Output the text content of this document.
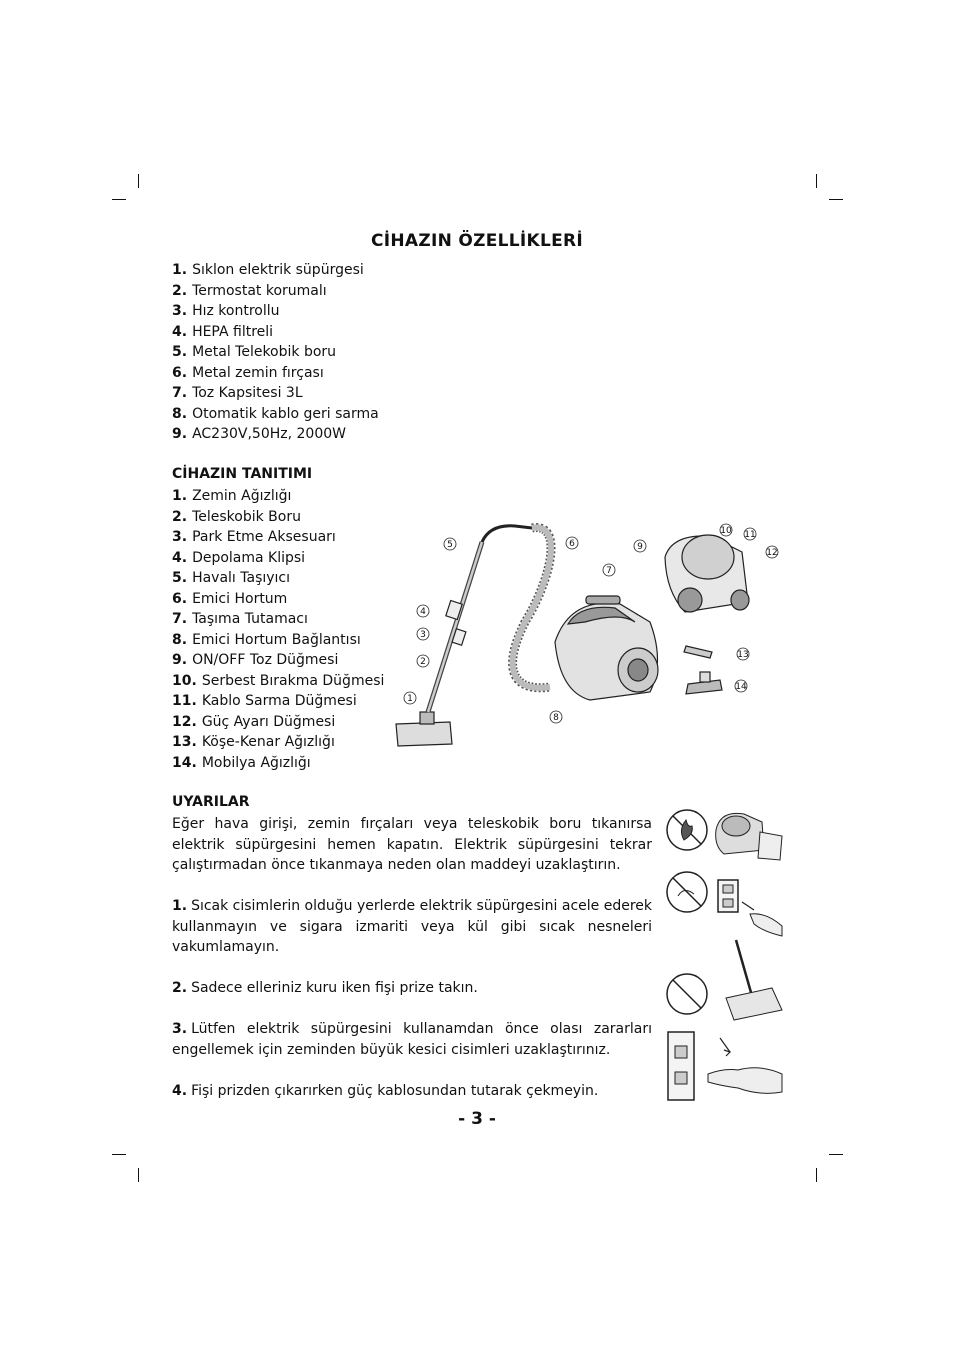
CİHAZIN ÖZELLİKLERİ
1. Sıklon elektrik süpürgesi
2. Termostat korumalı
3. Hız kontrollu
4. HEPA filtreli
5. Metal Telekobik boru
6. Metal zemin fırçası
7. Toz Kapsitesi 3L
8. Otomatik kablo geri sarma
9. AC230V,50Hz, 2000W
CİHAZIN TANITIMI
1. Zemin Ağızlığı
2. Teleskobik Boru
3. Park Etme Aksesuarı
4. Depolama Klipsi
5. Havalı Taşıyıcı
6. Emici Hortum
7. Taşıma Tutamacı
8. Emici Hortum Bağlantısı
9. ON/OFF Toz Düğmesi
10. Serbest Bırakma Düğmesi
11. Kablo Sarma Düğmesi
12. Güç Ayarı Düğmesi
13. Köşe-Kenar Ağızlığı
14. Mobilya Ağızlığı
1
2
3
4
5	6
7
8
9
10 11
12
13
14
UYARILAR

Eğer hava girişi, zemin fırçaları veya teleskobik boru tıkanırsa elektrik süpürgesini hemen kapatın. Elektrik süpürgesini tekrar çalıştırmadan önce tıkanmaya neden olan maddeyi uzaklaştırın.

1. Sıcak cisimlerin olduğu yerlerde elektrik süpürgesini acele ederek kullanmayın ve sigara izmariti veya kül gibi sıcak nesneleri vakumlamayın.

2. Sadece elleriniz kuru iken fişi prize takın.

3. Lütfen elektrik süpürgesini kullanamdan önce olası zararları engellemek için zeminden büyük kesici cisimleri uzaklaştırınız.

4. Fişi prizden çıkarırken güç kablosundan tutarak çekmeyin.

- 3 -
